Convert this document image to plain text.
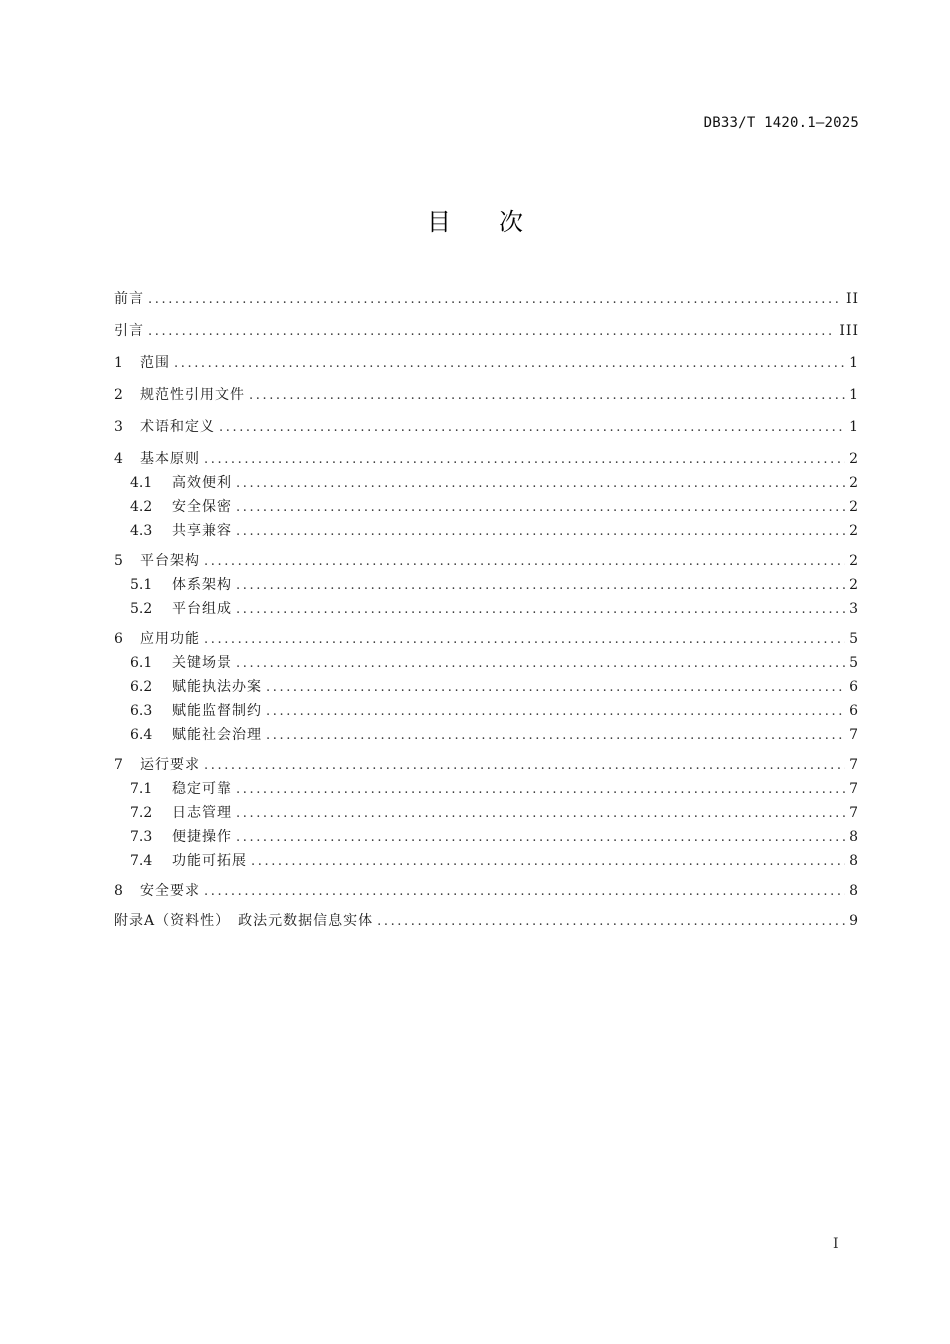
DB33/T 1420.1—2025
目 次
前言 .....	II
引言 .....	III
1	范围 .....	1
2	规范性引用文件 .....	1
3	术语和定义 .....	1
4	基本原则 .....	2
4.1	高效便利 .....	2
4.2	安全保密 .....	2
4.3	共享兼容 .....	2
5	平台架构 .....	2
5.1	体系架构 .....	2
5.2	平台组成 .....	3
6	应用功能 .....	5
6.1	关键场景 .....	5
6.2	赋能执法办案 .....	6
6.3	赋能监督制约 .....	6
6.4	赋能社会治理 .....	7
7	运行要求 .....	7
7.1	稳定可靠 .....	7
7.2	日志管理 .....	7
7.3	便捷操作 .....	8
7.4	功能可拓展 .....	8
8	安全要求 .....	8
附录A（资料性）　政法元数据信息实体 .....	9
I
